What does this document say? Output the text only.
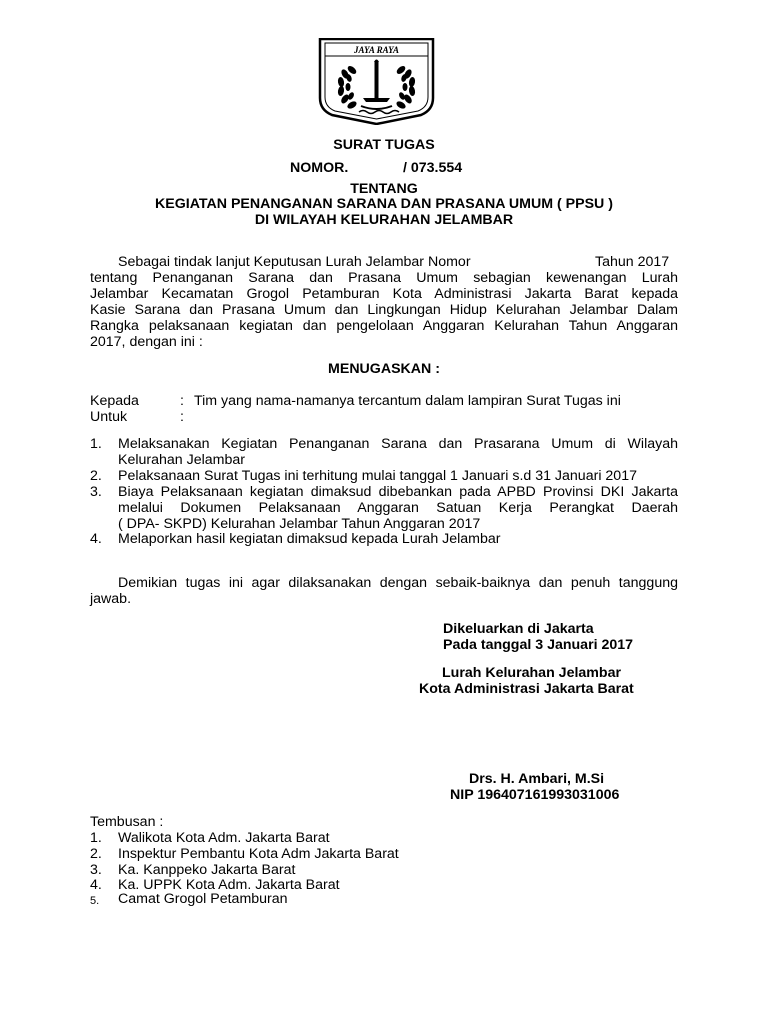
JAYA RAYA
SURAT TUGAS
NOMOR.	/ 073.554
TENTANG
KEGIATAN PENANGANAN SARANA DAN PRASANA UMUM ( PPSU )
DI WILAYAH KELURAHAN JELAMBAR
Sebagai tindak lanjut Keputusan Lurah Jelambar Nomor	Tahun 2017
tentang Penanganan Sarana dan Prasana Umum sebagian kewenangan Lurah
Jelambar Kecamatan Grogol Petamburan Kota Administrasi Jakarta Barat kepada
Kasie Sarana dan Prasana Umum dan Lingkungan Hidup Kelurahan Jelambar Dalam
Rangka pelaksanaan kegiatan dan pengelolaan Anggaran Kelurahan Tahun Anggaran
2017, dengan ini :
MENUGASKAN :
Kepada	: Tim yang nama-namanya tercantum dalam lampiran Surat Tugas ini
Untuk	:
1.	Melaksanakan Kegiatan Penanganan Sarana dan Prasarana Umum di Wilayah
Kelurahan Jelambar
2.	Pelaksanaan Surat Tugas ini terhitung mulai tanggal 1 Januari s.d 31 Januari 2017
3.	Biaya Pelaksanaan kegiatan dimaksud dibebankan pada APBD Provinsi DKI Jakarta
melalui Dokumen Pelaksanaan Anggaran Satuan Kerja Perangkat Daerah
( DPA- SKPD) Kelurahan Jelambar Tahun Anggaran 2017
4.	Melaporkan hasil kegiatan dimaksud kepada Lurah Jelambar
Demikian tugas ini agar dilaksanakan dengan sebaik-baiknya dan penuh tanggung
jawab.
Dikeluarkan di Jakarta
Pada tanggal 3 Januari 2017
Lurah Kelurahan Jelambar
Kota Administrasi Jakarta Barat
Drs. H. Ambari, M.Si
NIP 196407161993031006
Tembusan :
1.	Walikota Kota Adm. Jakarta Barat
2.	Inspektur Pembantu Kota Adm Jakarta Barat
3.	Ka. Kanppeko Jakarta Barat
4.	Ka. UPPK Kota Adm. Jakarta Barat
5.	Camat Grogol Petamburan
